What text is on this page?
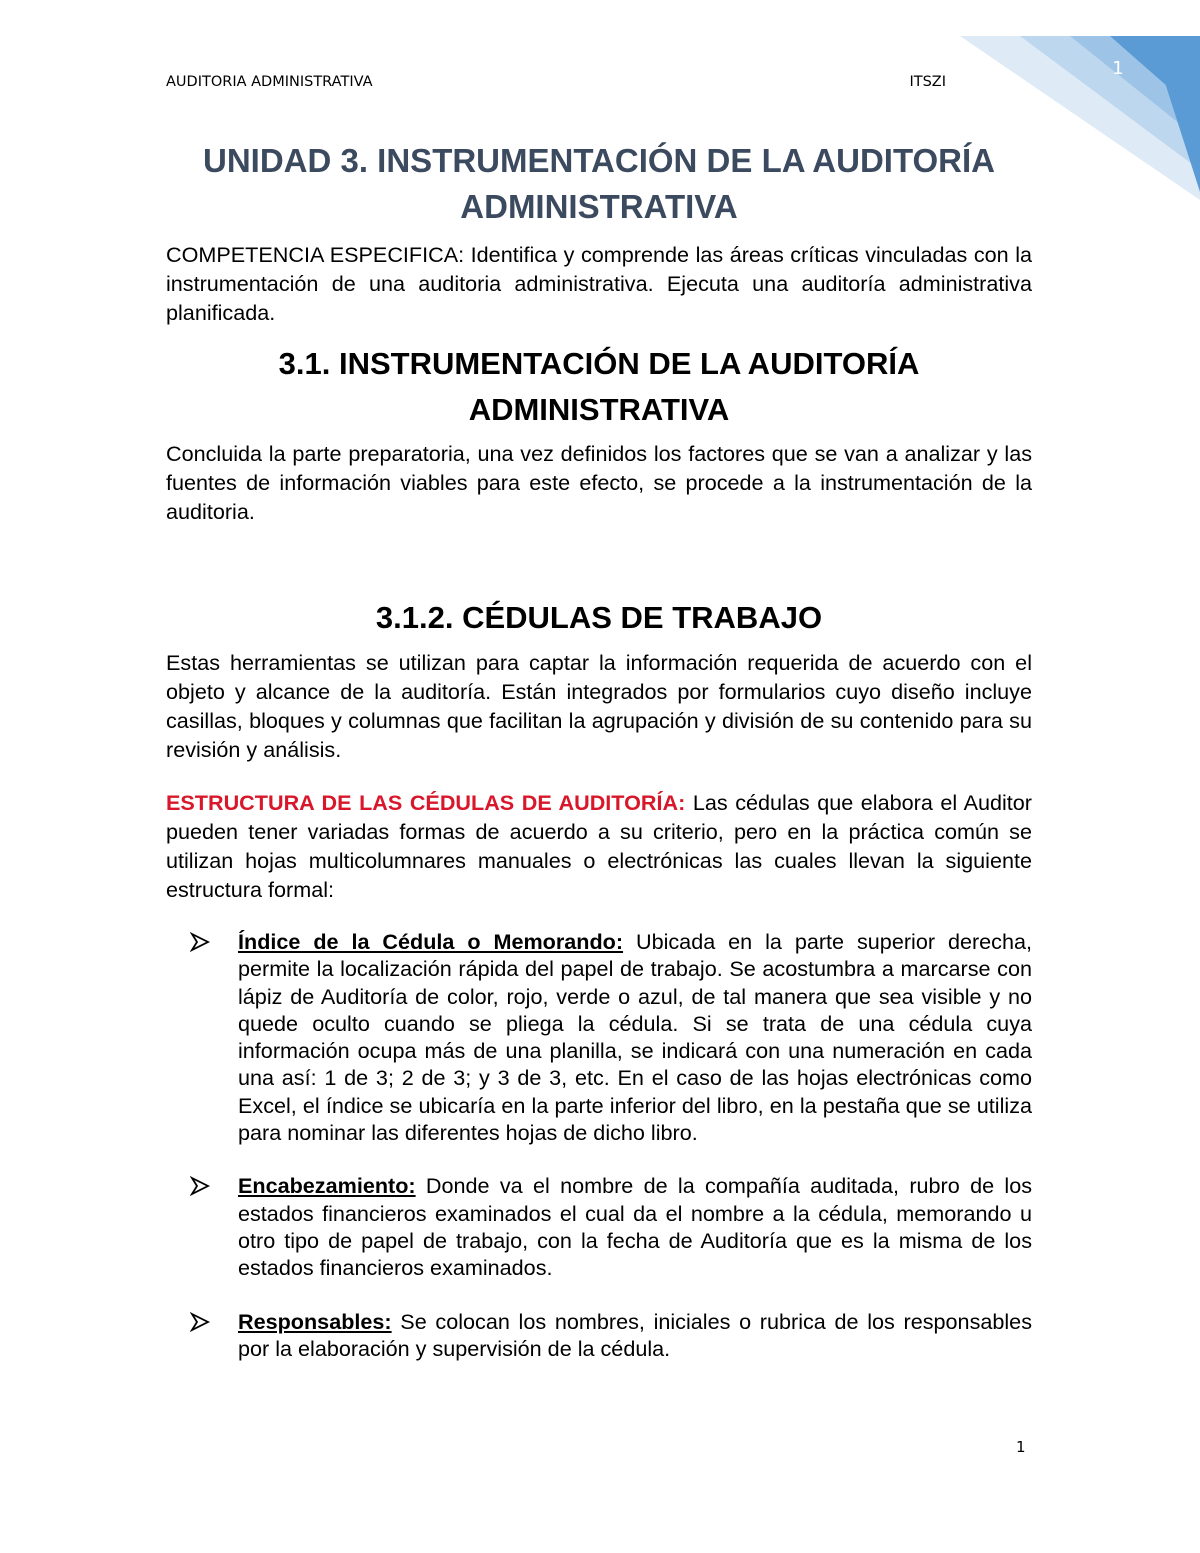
1
AUDITORIA ADMINISTRATIVA	ITSZI
UNIDAD 3. INSTRUMENTACIÓN DE LA AUDITORÍA ADMINISTRATIVA

COMPETENCIA ESPECIFICA: Identifica y comprende las áreas críticas vinculadas con la instrumentación de una auditoria administrativa. Ejecuta una auditoría administrativa planificada.

3.1. INSTRUMENTACIÓN DE LA AUDITORÍA ADMINISTRATIVA

Concluida la parte preparatoria, una vez definidos los factores que se van a analizar y las fuentes de información viables para este efecto, se procede a la instrumentación de la auditoria.

3.1.2. CÉDULAS DE TRABAJO

Estas herramientas se utilizan para captar la información requerida de acuerdo con el objeto y alcance de la auditoría. Están integrados por formularios cuyo diseño incluye casillas, bloques y columnas que facilitan la agrupación y división de su contenido para su revisión y análisis.

ESTRUCTURA DE LAS CÉDULAS DE AUDITORÍA: Las cédulas que elabora el Auditor pueden tener variadas formas de acuerdo a su criterio, pero en la práctica común se utilizan hojas multicolumnares manuales o electrónicas las cuales llevan la siguiente estructura formal:

Índice de la Cédula o Memorando: Ubicada en la parte superior derecha, permite la localización rápida del papel de trabajo. Se acostumbra a marcarse con lápiz de Auditoría de color, rojo, verde o azul, de tal manera que sea visible y no quede oculto cuando se pliega la cédula. Si se trata de una cédula cuya información ocupa más de una planilla, se indicará con una numeración en cada una así: 1 de 3; 2 de 3; y 3 de 3, etc. En el caso de las hojas electrónicas como Excel, el índice se ubicaría en la parte inferior del libro, en la pestaña que se utiliza para nominar las diferentes hojas de dicho libro.
Encabezamiento: Donde va el nombre de la compañía auditada, rubro de los estados financieros examinados el cual da el nombre a la cédula, memorando u otro tipo de papel de trabajo, con la fecha de Auditoría que es la misma de los estados financieros examinados.
Responsables: Se colocan los nombres, iniciales o rubrica de los responsables por la elaboración y supervisión de la cédula.
1
